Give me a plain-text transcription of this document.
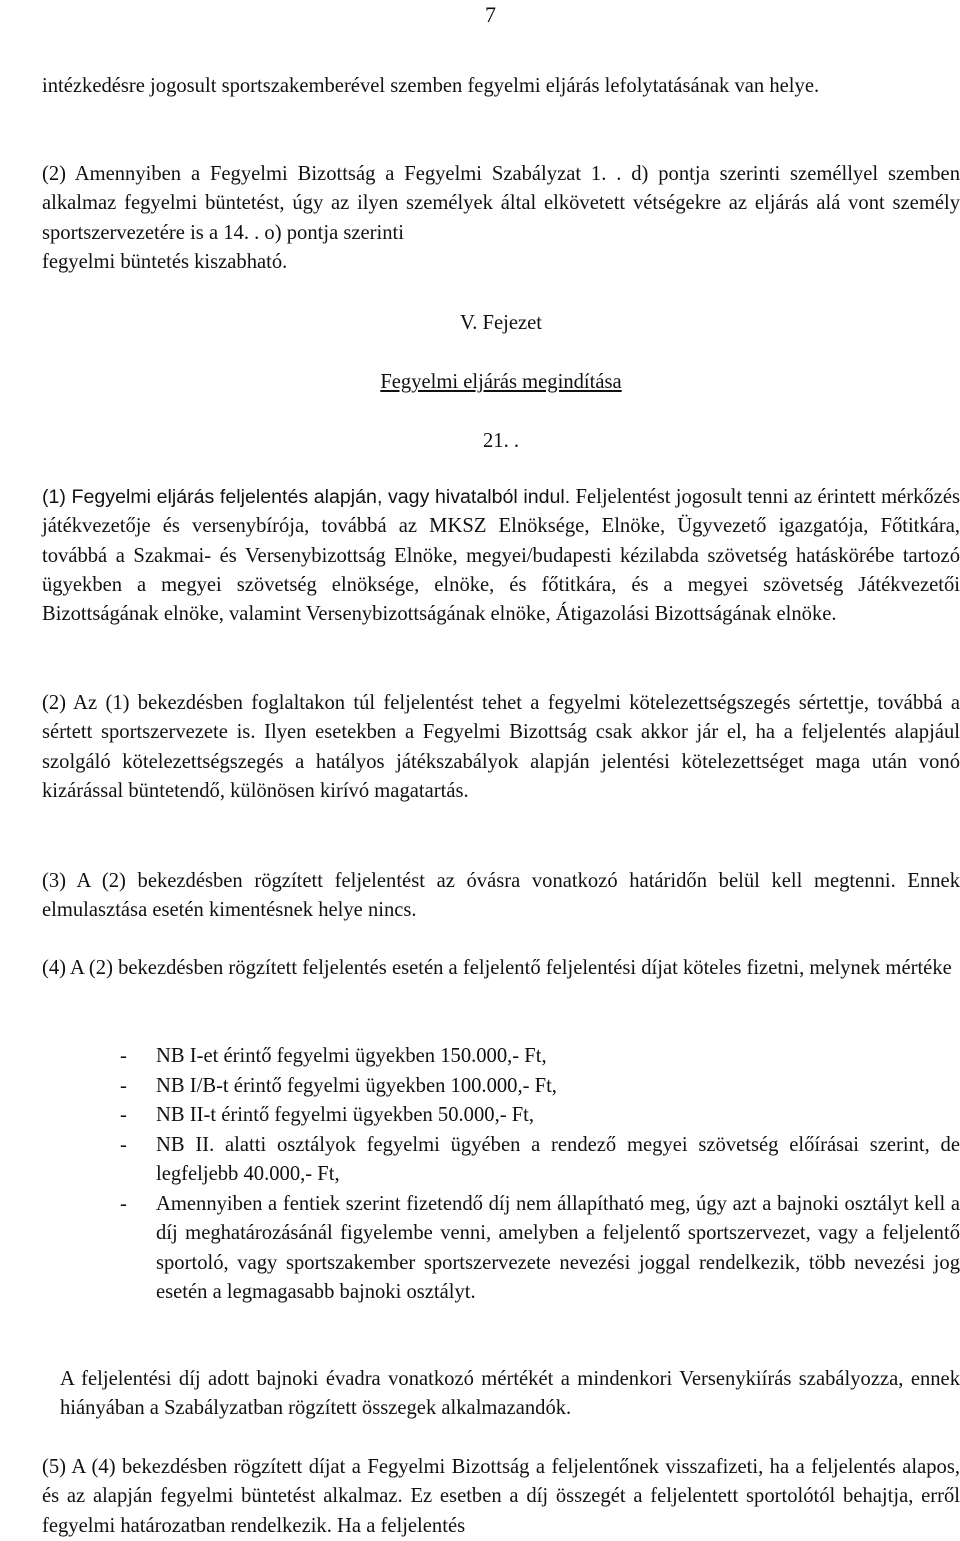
7
intézkedésre jogosult sportszakemberével szemben fegyelmi eljárás lefolytatásának van helye.
(2) Amennyiben a Fegyelmi Bizottság a Fegyelmi Szabályzat 1. . d) pontja szerinti személlyel szemben alkalmaz fegyelmi büntetést, úgy az ilyen személyek által elkövetett vétségekre az eljárás alá vont személy sportszervezetére is a 14. . o) pontja szerinti
fegyelmi büntetés kiszabható.
V. Fejezet
Fegyelmi eljárás megindítása
21. .
(1) Fegyelmi eljárás feljelentés alapján, vagy hivatalból indul. Feljelentést jogosult tenni az érintett mérkőzés játékvezetője és versenybírója, továbbá az MKSZ Elnöksége, Elnöke, Ügyvezető igazgatója, Főtitkára, továbbá a Szakmai- és Versenybizottság Elnöke, megyei/budapesti kézilabda szövetség hatáskörébe tartozó ügyekben a megyei szövetség elnöksége, elnöke, és főtitkára, és a megyei szövetség Játékvezetői Bizottságának elnöke, valamint Versenybizottságának elnöke, Átigazolási Bizottságának elnöke.
(2) Az (1) bekezdésben foglaltakon túl feljelentést tehet a fegyelmi kötelezettségszegés sértettje, továbbá a sértett sportszervezete is. Ilyen esetekben a Fegyelmi Bizottság csak akkor jár el, ha a feljelentés alapjául szolgáló kötelezettségszegés a hatályos játékszabályok alapján jelentési kötelezettséget maga után vonó kizárással büntetendő, különösen kirívó magatartás.
(3) A (2) bekezdésben rögzített feljelentést az óvásra vonatkozó határidőn belül kell megtenni. Ennek elmulasztása esetén kimentésnek helye nincs.
(4) A (2) bekezdésben rögzített feljelentés esetén a feljelentő feljelentési díjat köteles fizetni, melynek mértéke
- NB I-et érintő fegyelmi ügyekben 150.000,- Ft,
- NB I/B-t érintő fegyelmi ügyekben 100.000,- Ft,
- NB II-t érintő fegyelmi ügyekben 50.000,- Ft,
- NB II. alatti osztályok fegyelmi ügyében a rendező megyei szövetség előírásai szerint, de legfeljebb 40.000,- Ft,
- Amennyiben a fentiek szerint fizetendő díj nem állapítható meg, úgy azt a bajnoki osztályt kell a díj meghatározásánál figyelembe venni, amelyben a feljelentő sportszervezet, vagy a feljelentő sportoló, vagy sportszakember sportszervezete nevezési joggal rendelkezik, több nevezési jog esetén a legmagasabb bajnoki osztályt.
A feljelentési díj adott bajnoki évadra vonatkozó mértékét a mindenkori Versenykiírás szabályozza, ennek hiányában a Szabályzatban rögzített összegek alkalmazandók.
(5) A (4) bekezdésben rögzített díjat a Fegyelmi Bizottság a feljelentőnek visszafizeti, ha a feljelentés alapos, és az alapján fegyelmi büntetést alkalmaz. Ez esetben a díj összegét a feljelentett sportolótól behajtja, erről fegyelmi határozatban rendelkezik. Ha a feljelentés
